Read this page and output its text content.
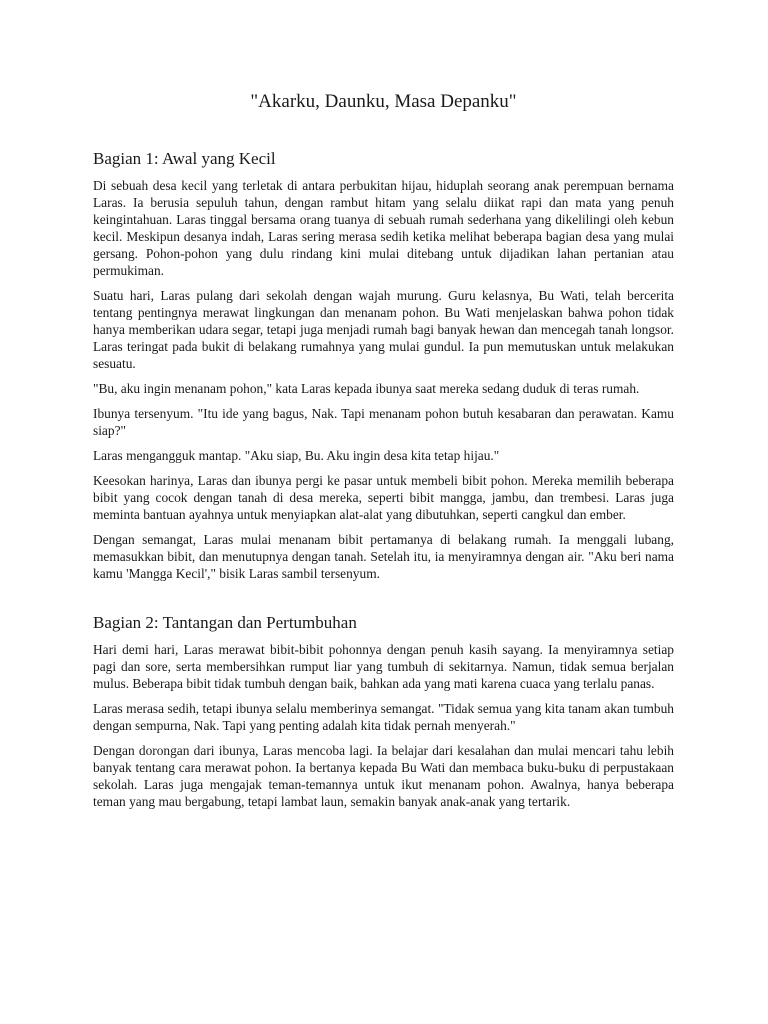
"Akarku, Daunku, Masa Depanku"
Bagian 1: Awal yang Kecil

Di sebuah desa kecil yang terletak di antara perbukitan hijau, hiduplah seorang anak perempuan bernama Laras. Ia berusia sepuluh tahun, dengan rambut hitam yang selalu diikat rapi dan mata yang penuh keingintahuan. Laras tinggal bersama orang tuanya di sebuah rumah sederhana yang dikelilingi oleh kebun kecil. Meskipun desanya indah, Laras sering merasa sedih ketika melihat beberapa bagian desa yang mulai gersang. Pohon-pohon yang dulu rindang kini mulai ditebang untuk dijadikan lahan pertanian atau permukiman.

Suatu hari, Laras pulang dari sekolah dengan wajah murung. Guru kelasnya, Bu Wati, telah bercerita tentang pentingnya merawat lingkungan dan menanam pohon. Bu Wati menjelaskan bahwa pohon tidak hanya memberikan udara segar, tetapi juga menjadi rumah bagi banyak hewan dan mencegah tanah longsor. Laras teringat pada bukit di belakang rumahnya yang mulai gundul. Ia pun memutuskan untuk melakukan sesuatu.

"Bu, aku ingin menanam pohon," kata Laras kepada ibunya saat mereka sedang duduk di teras rumah.

Ibunya tersenyum. "Itu ide yang bagus, Nak. Tapi menanam pohon butuh kesabaran dan perawatan. Kamu siap?"

Laras mengangguk mantap. "Aku siap, Bu. Aku ingin desa kita tetap hijau."

Keesokan harinya, Laras dan ibunya pergi ke pasar untuk membeli bibit pohon. Mereka memilih beberapa bibit yang cocok dengan tanah di desa mereka, seperti bibit mangga, jambu, dan trembesi. Laras juga meminta bantuan ayahnya untuk menyiapkan alat-alat yang dibutuhkan, seperti cangkul dan ember.

Dengan semangat, Laras mulai menanam bibit pertamanya di belakang rumah. Ia menggali lubang, memasukkan bibit, dan menutupnya dengan tanah. Setelah itu, ia menyiramnya dengan air. "Aku beri nama kamu 'Mangga Kecil'," bisik Laras sambil tersenyum.

Bagian 2: Tantangan dan Pertumbuhan

Hari demi hari, Laras merawat bibit-bibit pohonnya dengan penuh kasih sayang. Ia menyiramnya setiap pagi dan sore, serta membersihkan rumput liar yang tumbuh di sekitarnya. Namun, tidak semua berjalan mulus. Beberapa bibit tidak tumbuh dengan baik, bahkan ada yang mati karena cuaca yang terlalu panas.

Laras merasa sedih, tetapi ibunya selalu memberinya semangat. "Tidak semua yang kita tanam akan tumbuh dengan sempurna, Nak. Tapi yang penting adalah kita tidak pernah menyerah."

Dengan dorongan dari ibunya, Laras mencoba lagi. Ia belajar dari kesalahan dan mulai mencari tahu lebih banyak tentang cara merawat pohon. Ia bertanya kepada Bu Wati dan membaca buku-buku di perpustakaan sekolah. Laras juga mengajak teman-temannya untuk ikut menanam pohon. Awalnya, hanya beberapa teman yang mau bergabung, tetapi lambat laun, semakin banyak anak-anak yang tertarik.
